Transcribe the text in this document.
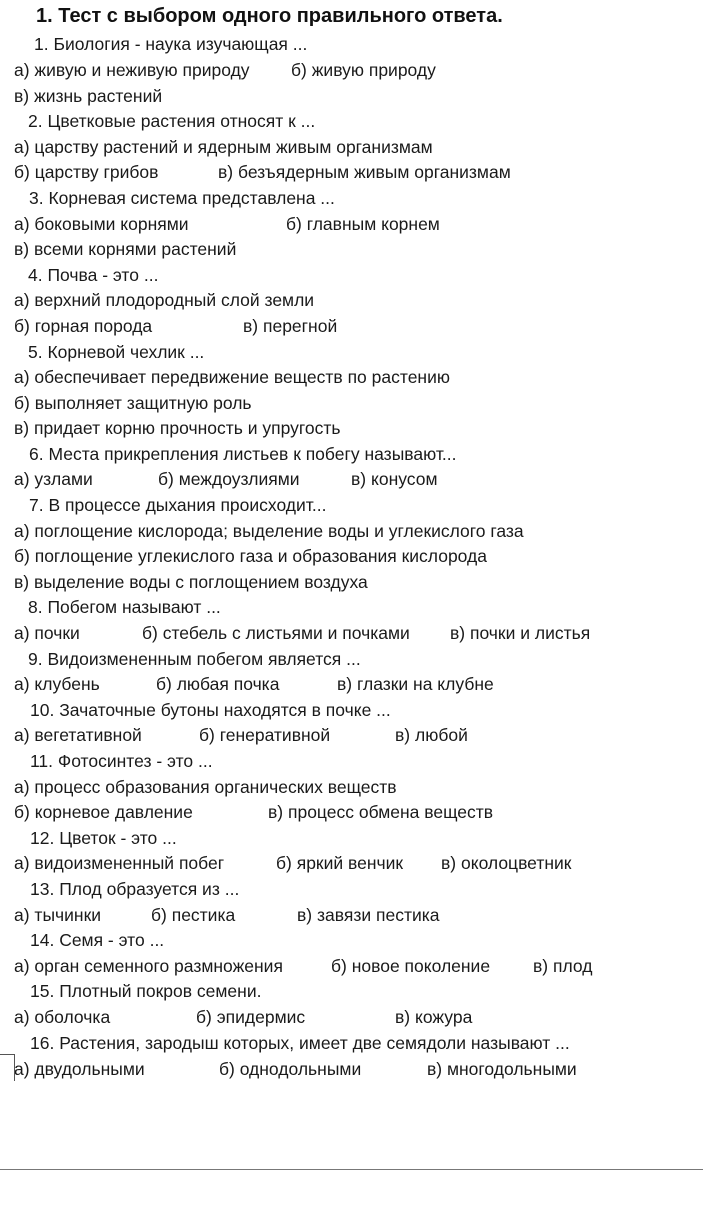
1. Тест с выбором одного правильного ответа.
1. Биология - наука изучающая ...
а) живую и неживую природу б) живую природу
в) жизнь растений
2. Цветковые растения относят к ...
а) царству растений и ядерным живым организмам
б) царству грибов	в) безъядерным живым организмам
3. Корневая система представлена ...
а) боковыми корнями	б) главным корнем
в) всеми корнями растений
4. Почва - это ...
а) верхний плодородный слой земли
б) горная порода	в) перегной
5. Корневой чехлик ...
а) обеспечивает передвижение веществ по растению
б) выполняет защитную роль
в) придает корню прочность и упругость
6. Места прикрепления листьев к побегу называют...
а) узлами	б) междоузлиями	в) конусом
7. В процессе дыхания происходит...
а) поглощение кислорода; выделение воды и углекислого газа
б) поглощение углекислого газа и образования кислорода
в) выделение воды с поглощением воздуха
8. Побегом называют ...
а) почки	б) стебель с листьями и почками в) почки и листья
9. Видоизмененным побегом является ...
а) клубень	б) любая почка	в) глазки на клубне
10. Зачаточные бутоны находятся в почке ...
а) вегетативной	б) генеративной	в) любой
11. Фотосинтез - это ...
а) процесс образования органических веществ
б) корневое давление	в) процесс обмена веществ
12. Цветок - это ...
а) видоизмененный побег	б) яркий венчик в) околоцветник
13. Плод образуется из ...
а) тычинки	б) пестика	в) завязи пестика
14. Семя - это ...
а) орган семенного размножения	б) новое поколение в) плод
15. Плотный покров семени.
а) оболочка	б) эпидермис	в) кожура
16. Растения, зародыш которых, имеет две семядоли называют ...
а) двудольными	б) однодольными	в) многодольными
